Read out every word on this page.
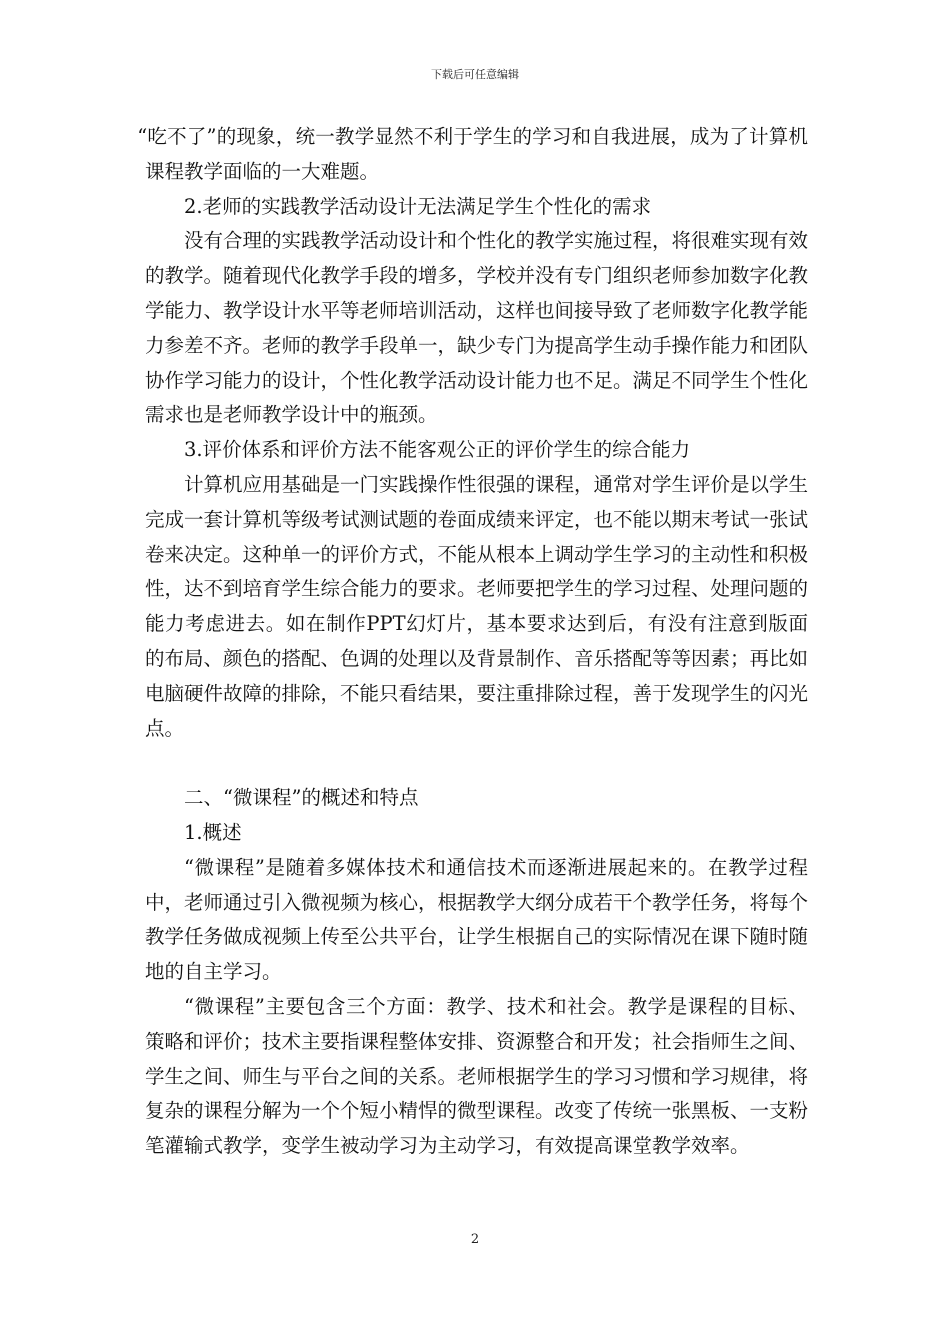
下载后可任意编辑

“吃不了”的现象，统一教学显然不利于学生的学习和自我进展，成为了计算机课程教学面临的一大难题。

2.老师的实践教学活动设计无法满足学生个性化的需求

没有合理的实践教学活动设计和个性化的教学实施过程，将很难实现有效的教学。随着现代化教学手段的增多，学校并没有专门组织老师参加数字化教学能力、教学设计水平等老师培训活动，这样也间接导致了老师数字化教学能力参差不齐。老师的教学手段单一，缺少专门为提高学生动手操作能力和团队协作学习能力的设计，个性化教学活动设计能力也不足。满足不同学生个性化需求也是老师教学设计中的瓶颈。

3.评价体系和评价方法不能客观公正的评价学生的综合能力

计算机应用基础是一门实践操作性很强的课程，通常对学生评价是以学生完成一套计算机等级考试测试题的卷面成绩来评定，也不能以期末考试一张试卷来决定。这种单一的评价方式，不能从根本上调动学生学习的主动性和积极性，达不到培育学生综合能力的要求。老师要把学生的学习过程、处理问题的能力考虑进去。如在制作PPT幻灯片，基本要求达到后，有没有注意到版面的布局、颜色的搭配、色调的处理以及背景制作、音乐搭配等等因素；再比如电脑硬件故障的排除，不能只看结果，要注重排除过程，善于发现学生的闪光点。

二、“微课程”的概述和特点

1.概述

“微课程”是随着多媒体技术和通信技术而逐渐进展起来的。在教学过程中，老师通过引入微视频为核心，根据教学大纲分成若干个教学任务，将每个教学任务做成视频上传至公共平台，让学生根据自己的实际情况在课下随时随地的自主学习。

“微课程”主要包含三个方面：教学、技术和社会。教学是课程的目标、策略和评价；技术主要指课程整体安排、资源整合和开发；社会指师生之间、学生之间、师生与平台之间的关系。老师根据学生的学习习惯和学习规律，将复杂的课程分解为一个个短小精悍的微型课程。改变了传统一张黑板、一支粉笔灌输式教学，变学生被动学习为主动学习，有效提高课堂教学效率。

2
